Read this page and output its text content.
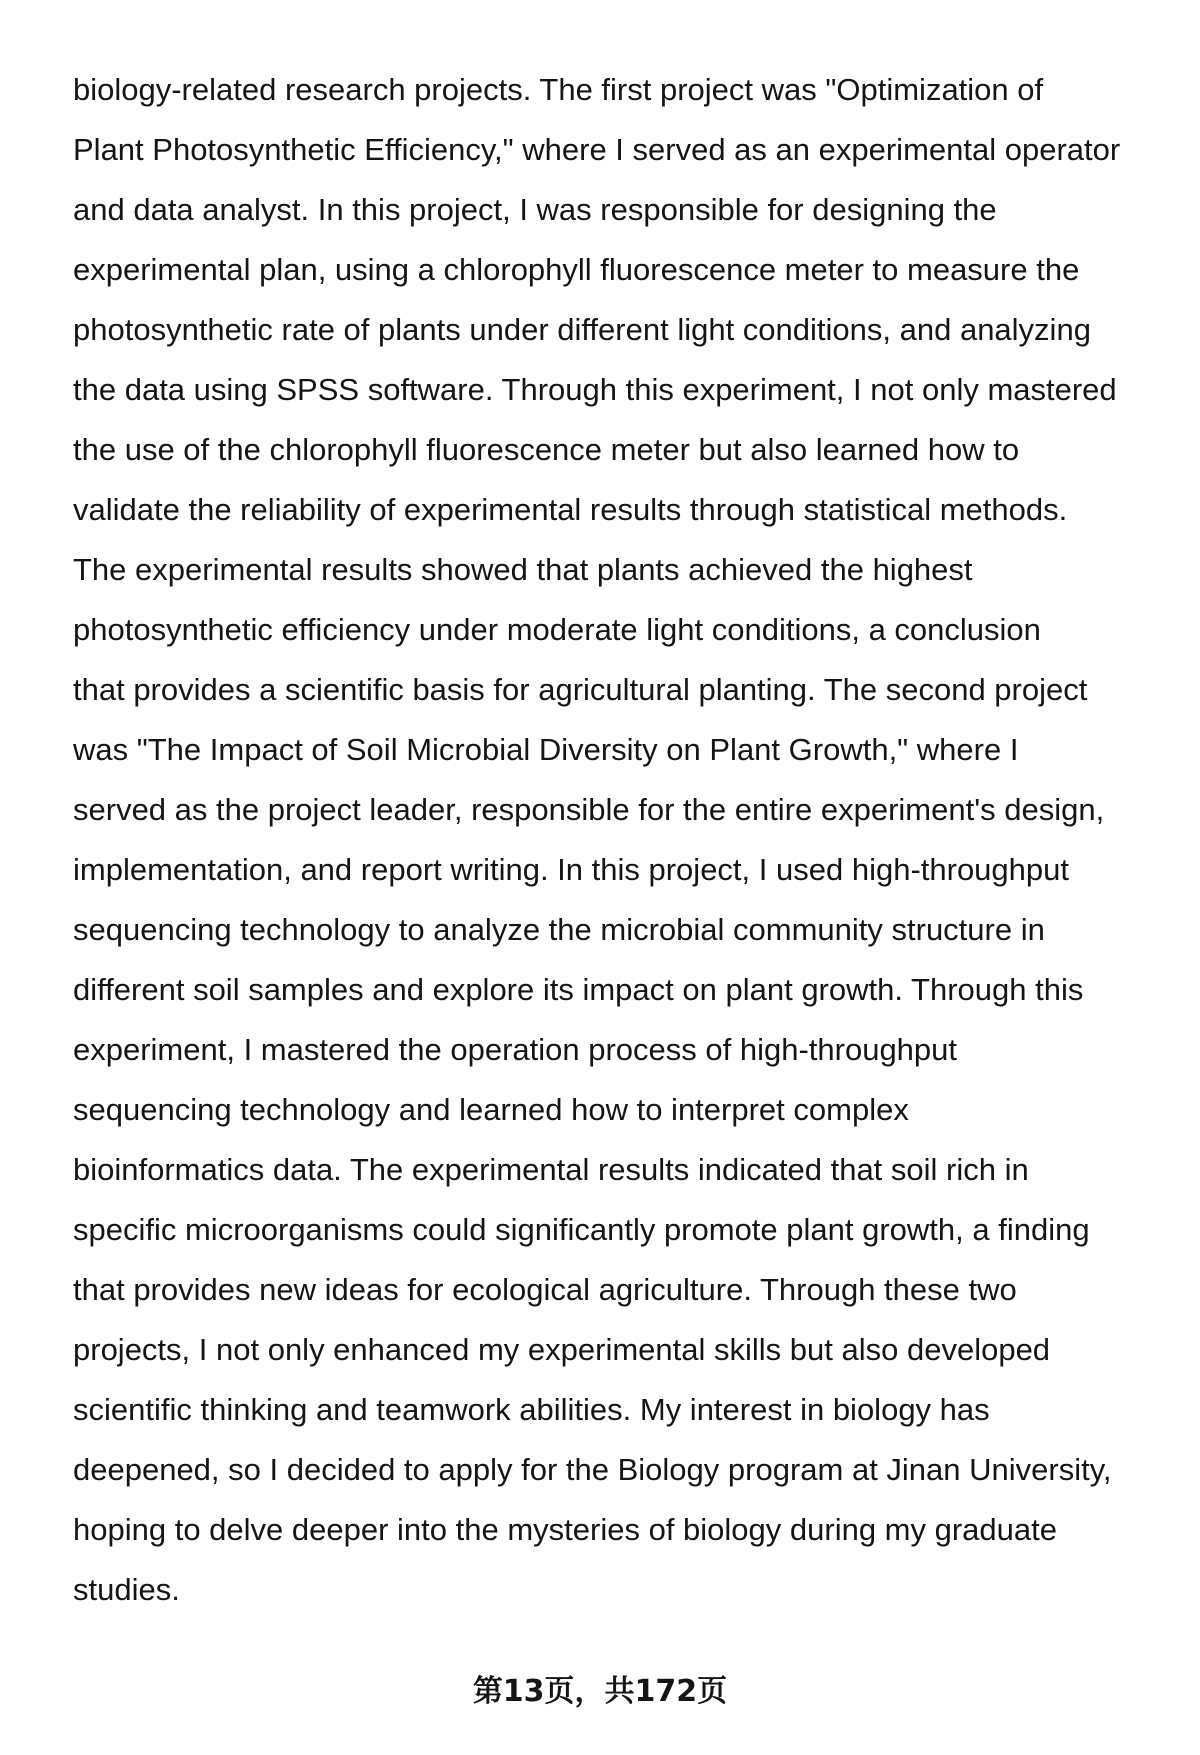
biology-related research projects. The first project was "Optimization of
Plant Photosynthetic Efficiency," where I served as an experimental operator
and data analyst. In this project, I was responsible for designing the
experimental plan, using a chlorophyll fluorescence meter to measure the
photosynthetic rate of plants under different light conditions, and analyzing
the data using SPSS software. Through this experiment, I not only mastered
the use of the chlorophyll fluorescence meter but also learned how to
validate the reliability of experimental results through statistical methods.
The experimental results showed that plants achieved the highest
photosynthetic efficiency under moderate light conditions, a conclusion
that provides a scientific basis for agricultural planting. The second project
was "The Impact of Soil Microbial Diversity on Plant Growth," where I
served as the project leader, responsible for the entire experiment's design,
implementation, and report writing. In this project, I used high-throughput
sequencing technology to analyze the microbial community structure in
different soil samples and explore its impact on plant growth. Through this
experiment, I mastered the operation process of high-throughput
sequencing technology and learned how to interpret complex
bioinformatics data. The experimental results indicated that soil rich in
specific microorganisms could significantly promote plant growth, a finding
that provides new ideas for ecological agriculture. Through these two
projects, I not only enhanced my experimental skills but also developed
scientific thinking and teamwork abilities. My interest in biology has
deepened, so I decided to apply for the Biology program at Jinan University,
hoping to delve deeper into the mysteries of biology during my graduate
studies.
第13页，共172页
